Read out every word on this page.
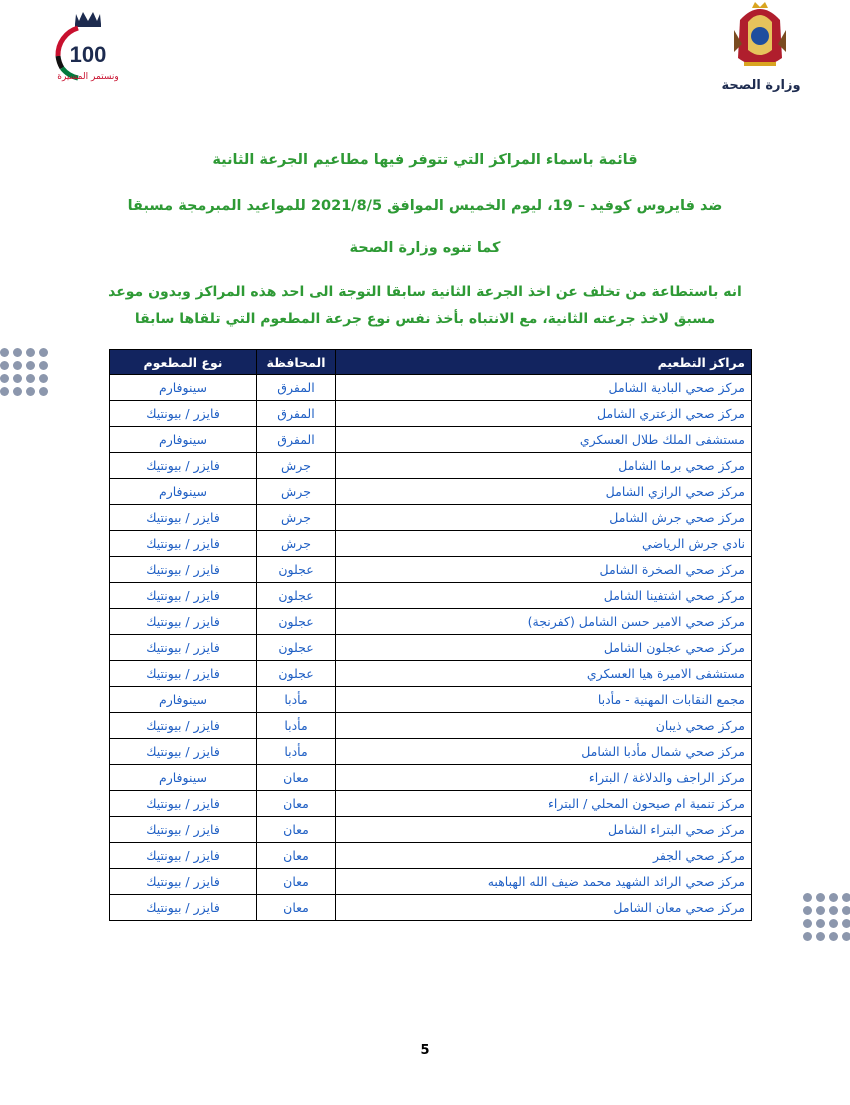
100
ونستمر المسيرة
وزارة الصحة
قائمة باسماء المراكز التي تتوفر فيها مطاعيم الجرعة الثانية
ضد فايروس كوفيد – 19، ليوم الخميس الموافق 2021/8/5 للمواعيد المبرمجة مسبقا
كما تنوه وزارة الصحة
انه باستطاعة من تخلف عن اخذ الجرعة الثانية سابقا التوجة الى احد هذه المراكز وبدون موعد
مسبق لاخذ جرعته الثانية، مع الانتباه بأخذ نفس نوع جرعة المطعوم التي تلقاها سابقا
مراكز التطعيم	المحافظة	نوع المطعوم
مركز صحي البادية الشامل	المفرق	سينوفارم
مركز صحي الزعتري الشامل	المفرق	فايزر / بيونتيك
مستشفى الملك طلال العسكري	المفرق	سينوفارم
مركز صحي برما الشامل	جرش	فايزر / بيونتيك
مركز صحي الرازي الشامل	جرش	سينوفارم
مركز صحي جرش الشامل	جرش	فايزر / بيونتيك
نادي جرش الرياضي	جرش	فايزر / بيونتيك
مركز صحي الصخرة الشامل	عجلون	فايزر / بيونتيك
مركز صحي اشتفينا الشامل	عجلون	فايزر / بيونتيك
مركز صحي الامير حسن الشامل (كفرنجة)	عجلون	فايزر / بيونتيك
مركز صحي عجلون الشامل	عجلون	فايزر / بيونتيك
مستشفى الاميرة هيا العسكري	عجلون	فايزر / بيونتيك
مجمع النقابات المهنية - مأدبا	مأدبا	سينوفارم
مركز صحي ذيبان	مأدبا	فايزر / بيونتيك
مركز صحي شمال مأدبا الشامل	مأدبا	فايزر / بيونتيك
مركز الراجف والدلاغة / البتراء	معان	سينوفارم
مركز تنمية ام صيحون المحلي / البتراء	معان	فايزر / بيونتيك
مركز صحي البتراء الشامل	معان	فايزر / بيونتيك
مركز صحي الجفر	معان	فايزر / بيونتيك
مركز صحي الرائد الشهيد محمد ضيف الله الهباهبه	معان	فايزر / بيونتيك
مركز صحي معان الشامل	معان	فايزر / بيونتيك
5
